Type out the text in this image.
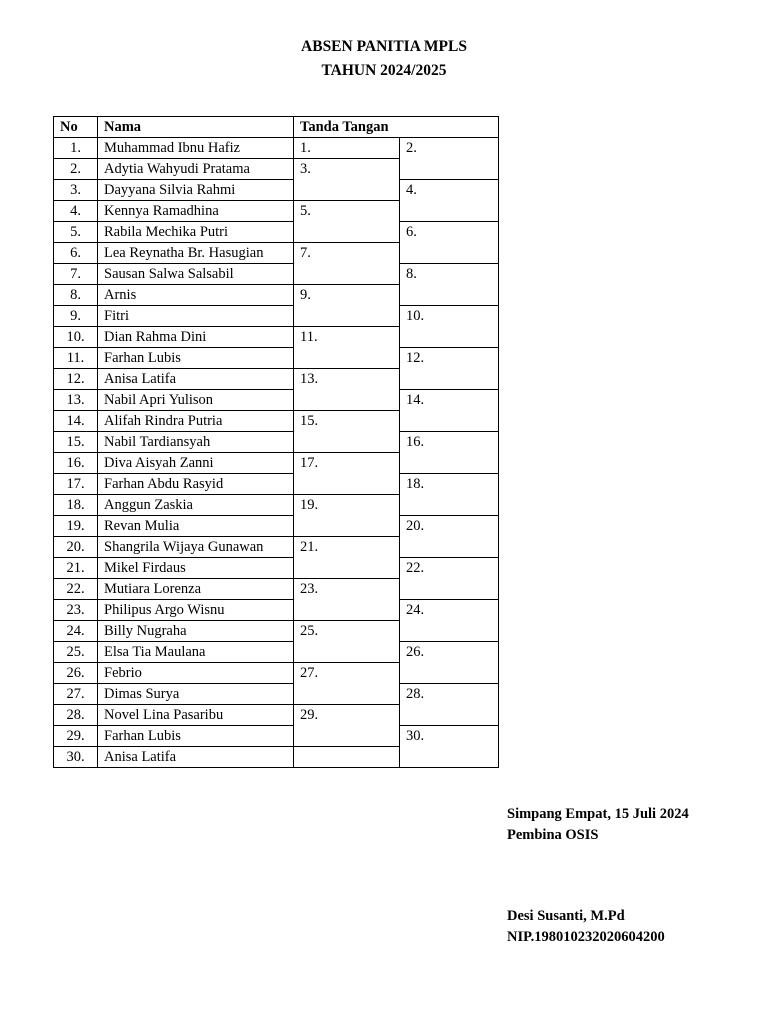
ABSEN PANITIA MPLS
TAHUN 2024/2025
No	Nama	Tanda Tangan	
1.	Muhammad Ibnu Hafiz	1.	2.
2.	Adytia Wahyudi Pratama	3.	
3.	Dayyana Silvia Rahmi		4.
4.	Kennya Ramadhina	5.	
5.	Rabila Mechika Putri		6.
6.	Lea Reynatha Br. Hasugian	7.	
7.	Sausan Salwa Salsabil		8.
8.	Arnis	9.	
9.	Fitri		10.
10.	Dian Rahma Dini	11.	
11.	Farhan Lubis		12.
12.	Anisa Latifa	13.	
13.	Nabil Apri Yulison		14.
14.	Alifah Rindra Putria	15.	
15.	Nabil Tardiansyah		16.
16.	Diva Aisyah Zanni	17.	
17.	Farhan Abdu Rasyid		18.
18.	Anggun Zaskia	19.	
19.	Revan Mulia		20.
20.	Shangrila Wijaya Gunawan	21.	
21.	Mikel Firdaus		22.
22.	Mutiara Lorenza	23.	
23.	Philipus Argo Wisnu		24.
24.	Billy Nugraha	25.	
25.	Elsa Tia Maulana		26.
26.	Febrio	27.	
27.	Dimas Surya		28.
28.	Novel Lina Pasaribu	29.	
29.	Farhan Lubis		30.
30.	Anisa Latifa		
Simpang Empat, 15 Juli 2024
Pembina OSIS
Desi Susanti, M.Pd
NIP.198010232020604200
